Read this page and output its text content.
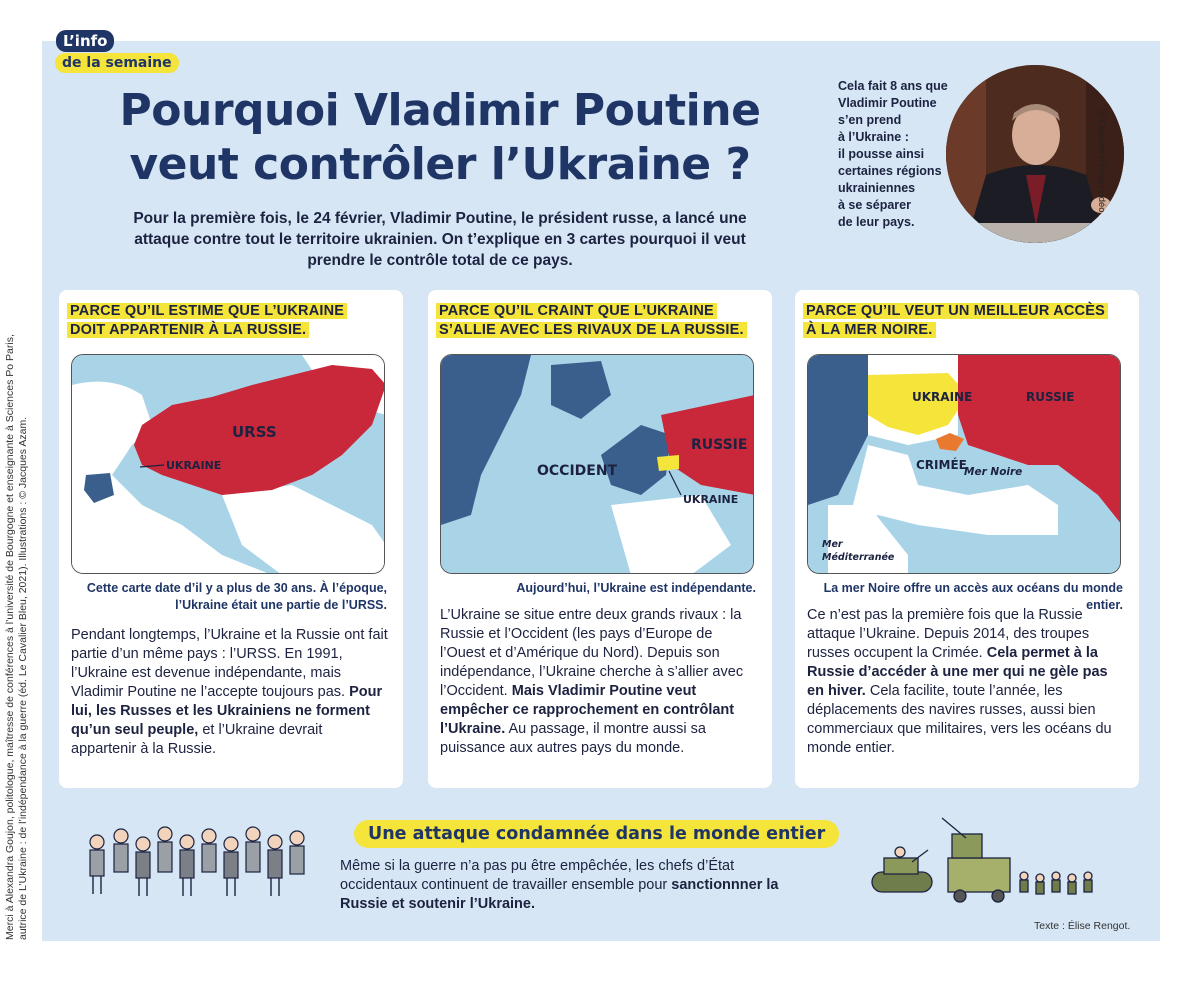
Merci à Alexandra Goujon, politologue, maîtresse de conférences à l’université de Bourgogne et enseignante à Sciences Po Paris, autrice de L’Ukraine : de l’indépendance à la guerre (éd. Le Cavalier Bleu, 2021). Illustrations : © Jacques Azam.
L’info
de la semaine
Pourquoi Vladimir Poutine veut contrôler l’Ukraine ?

Pour la première fois, le 24 février, Vladimir Poutine, le président russe, a lancé une attaque contre tout le territoire ukrainien. On t’explique en 3 cartes pourquoi il veut prendre le contrôle total de ce pays.

Cela fait 8 ans que
Vladimir Poutine
s’en prend
à l’Ukraine :
il pousse ainsi
certaines régions
ukrainiennes
à se séparer
de leur pays.
© Capture d’écran vidéo.
PARCE QU’IL ESTIME QUE L’UKRAINE
DOIT APPARTENIR À LA RUSSIE.
URSS
UKRAINE
Cette carte date d’il y a plus de 30 ans. À l’époque,
l’Ukraine était une partie de l’URSS.
Pendant longtemps, l’Ukraine et la Russie ont fait partie d’un même pays : l’URSS. En 1991, l’Ukraine est devenue indépendante, mais Vladimir Poutine ne l’accepte toujours pas. Pour lui, les Russes et les Ukrainiens ne forment qu’un seul peuple, et l’Ukraine devrait appartenir à la Russie.
PARCE QU’IL CRAINT QUE L’UKRAINE
S’ALLIE AVEC LES RIVAUX DE LA RUSSIE.
OCCIDENT
RUSSIE
UKRAINE
Aujourd’hui, l’Ukraine est indépendante.
L’Ukraine se situe entre deux grands rivaux : la Russie et l’Occident (les pays d’Europe de l’Ouest et d’Amérique du Nord). Depuis son indépendance, l’Ukraine cherche à s’allier avec l’Occident. Mais Vladimir Poutine veut empêcher ce rapprochement en contrôlant l’Ukraine. Au passage, il montre aussi sa puissance aux autres pays du monde.
PARCE QU’IL VEUT UN MEILLEUR ACCÈS
À LA MER NOIRE.
UKRAINE	RUSSIE
CRIMÉE
Mer Noire
Mer
Méditerranée
La mer Noire offre un accès aux océans du monde entier.
Ce n’est pas la première fois que la Russie attaque l’Ukraine. Depuis 2014, des troupes russes occupent la Crimée. Cela permet à la Russie d’accéder à une mer qui ne gèle pas en hiver. Cela facilite, toute l’année, les déplacements des navires russes, aussi bien commerciaux que militaires, vers les océans du monde entier.
Une attaque condamnée dans le monde entier

Même si la guerre n’a pas pu être empêchée, les chefs d’État occidentaux continuent de travailler ensemble pour sanctionnner la Russie et soutenir l’Ukraine.

Texte : Élise Rengot.
